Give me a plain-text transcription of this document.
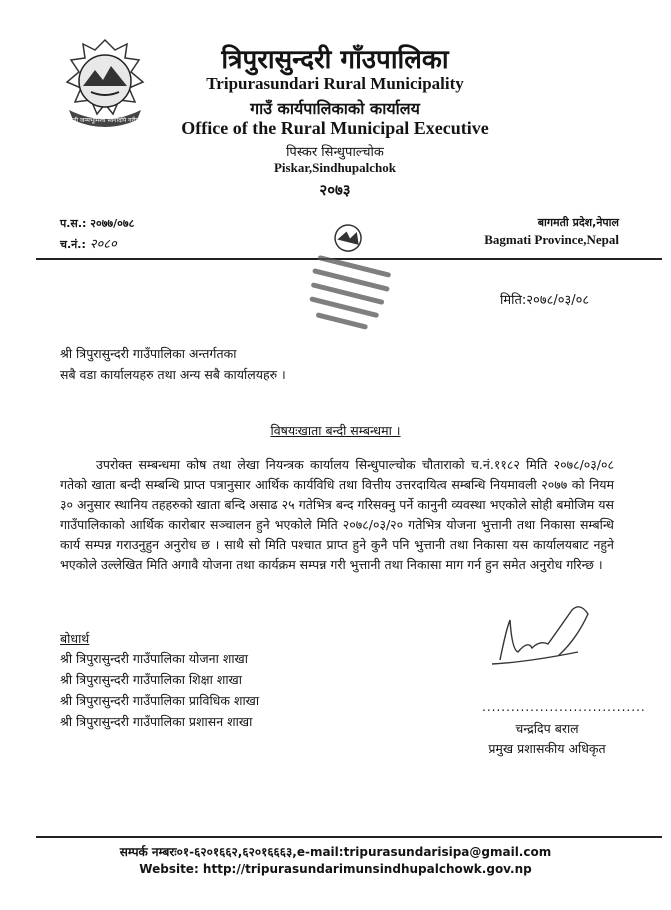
जननी जन्मभूमिश्च स्वर्गादपि गरीयसी
त्रिपुरासुन्दरी गाँउपालिका
Tripurasundari Rural Municipality
गाउँ कार्यपालिकाको कार्यालय
Office of the Rural Municipal Executive
पिस्कर सिन्धुपाल्चोक
Piskar,Sindhupalchok
२०७३
प.स.: २०७७/०७८
च.नं.: २०८०
बागमती प्रदेश,नेपाल
Bagmati Province,Nepal
मिति:२०७८/०३/०८
श्री त्रिपुरासुन्दरी गाउँपालिका अन्तर्गतका
सबै वडा कार्यालयहरु तथा अन्य सबै कार्यालयहरु ।
विषयःखाता बन्दी सम्बन्धमा ।
उपरोक्त सम्बन्धमा कोष तथा लेखा नियन्त्रक कार्यालय सिन्धुपाल्चोक चौताराको च.नं.११८२ मिति २०७८/०३/०८ गतेको खाता बन्दी सम्बन्धि प्राप्त पत्रानुसार आर्थिक कार्यविधि तथा वित्तीय उत्तरदायित्व सम्बन्धि नियमावली २०७७ को नियम ३० अनुसार स्थानिय तहहरुको खाता बन्दि असाढ २५ गतेभित्र बन्द गरिसक्नु पर्ने कानुनी व्यवस्था भएकोले सोही बमोजिम यस गाउँपालिकाको आर्थिक कारोबार सञ्चालन हुने भएकोले मिति २०७८/०३/२० गतेभित्र योजना भुत्तानी तथा निकासा सम्बन्धि कार्य सम्पन्न गराउनुहुन अनुरोध छ । साथै सो मिति पश्चात प्राप्त हुने कुनै पनि भुत्तानी तथा निकासा यस कार्यालयबाट नहुने भएकोले उल्लेखित मिति अगावै योजना तथा कार्यक्रम सम्पन्न गरी भुत्तानी तथा निकासा माग गर्न हुन समेत अनुरोध गरिन्छ ।
बोधार्थ
श्री त्रिपुरासुन्दरी गाउँपालिका योजना शाखा
श्री त्रिपुरासुन्दरी गाउँपालिका शिक्षा शाखा
श्री त्रिपुरासुन्दरी गाउँपालिका प्राविधिक शाखा
श्री त्रिपुरासुन्दरी गाउँपालिका प्रशासन शाखा
..................................
चन्द्रदिप बराल
प्रमुख प्रशासकीय अधिकृत
सम्पर्क नम्बरः०१-६२०१६६२,६२०१६६६३,e-mail:tripurasundarisipa@gmail.com
Website: http://tripurasundarimunsindhupalchowk.gov.np
